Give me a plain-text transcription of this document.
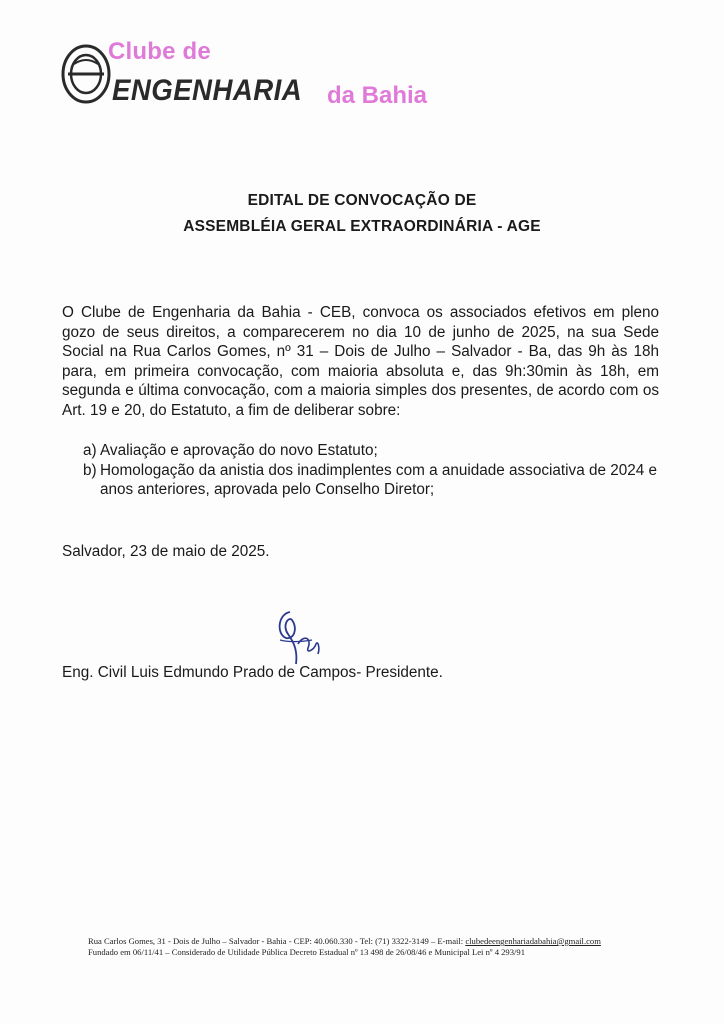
Clube de
ENGENHARIA da Bahia
EDITAL DE CONVOCAÇÃO DE
ASSEMBLÉIA GERAL EXTRAORDINÁRIA - AGE

O Clube de Engenharia da Bahia - CEB, convoca os associados efetivos em pleno gozo de seus direitos, a comparecerem no dia 10 de junho de 2025, na sua Sede Social na Rua Carlos Gomes, nº 31 – Dois de Julho – Salvador - Ba, das 9h às 18h para, em primeira convocação, com maioria absoluta e, das 9h:30min às 18h, em segunda e última convocação, com a maioria simples dos presentes, de acordo com os Art. 19 e 20, do Estatuto, a fim de deliberar sobre:

a) Avaliação e aprovação do novo Estatuto;
b) Homologação da anistia dos inadimplentes com a anuidade associativa de 2024 e anos anteriores, aprovada pelo Conselho Diretor;
Salvador, 23 de maio de 2025.
Eng. Civil Luis Edmundo Prado de Campos- Presidente.
Rua Carlos Gomes, 31 - Dois de Julho – Salvador - Bahia - CEP: 40.060.330 - Tel: (71) 3322-3149 – E-mail: clubedeengenhariadabahia@gmail.com
Fundado em 06/11/41 – Considerado de Utilidade Pública Decreto Estadual nº 13 498 de 26/08/46 e Municipal Lei nº 4 293/91
